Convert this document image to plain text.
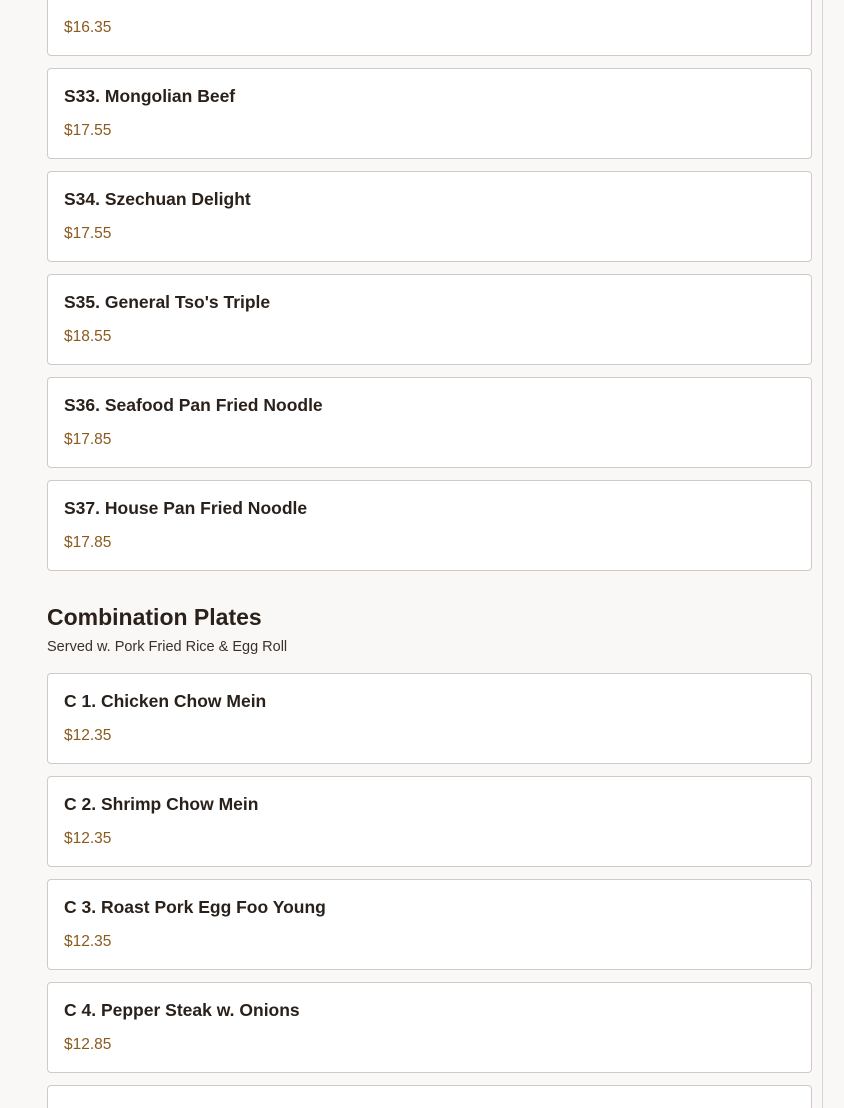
$16.35
S33. Mongolian Beef
$17.55
S34. Szechuan Delight
$17.55
S35. General Tso's Triple
$18.55
S36. Seafood Pan Fried Noodle
$17.85
S37. House Pan Fried Noodle
$17.85
Combination Plates
Served w. Pork Fried Rice & Egg Roll
C 1. Chicken Chow Mein
$12.35
C 2. Shrimp Chow Mein
$12.35
C 3. Roast Pork Egg Foo Young
$12.35
C 4. Pepper Steak w. Onions
$12.85
